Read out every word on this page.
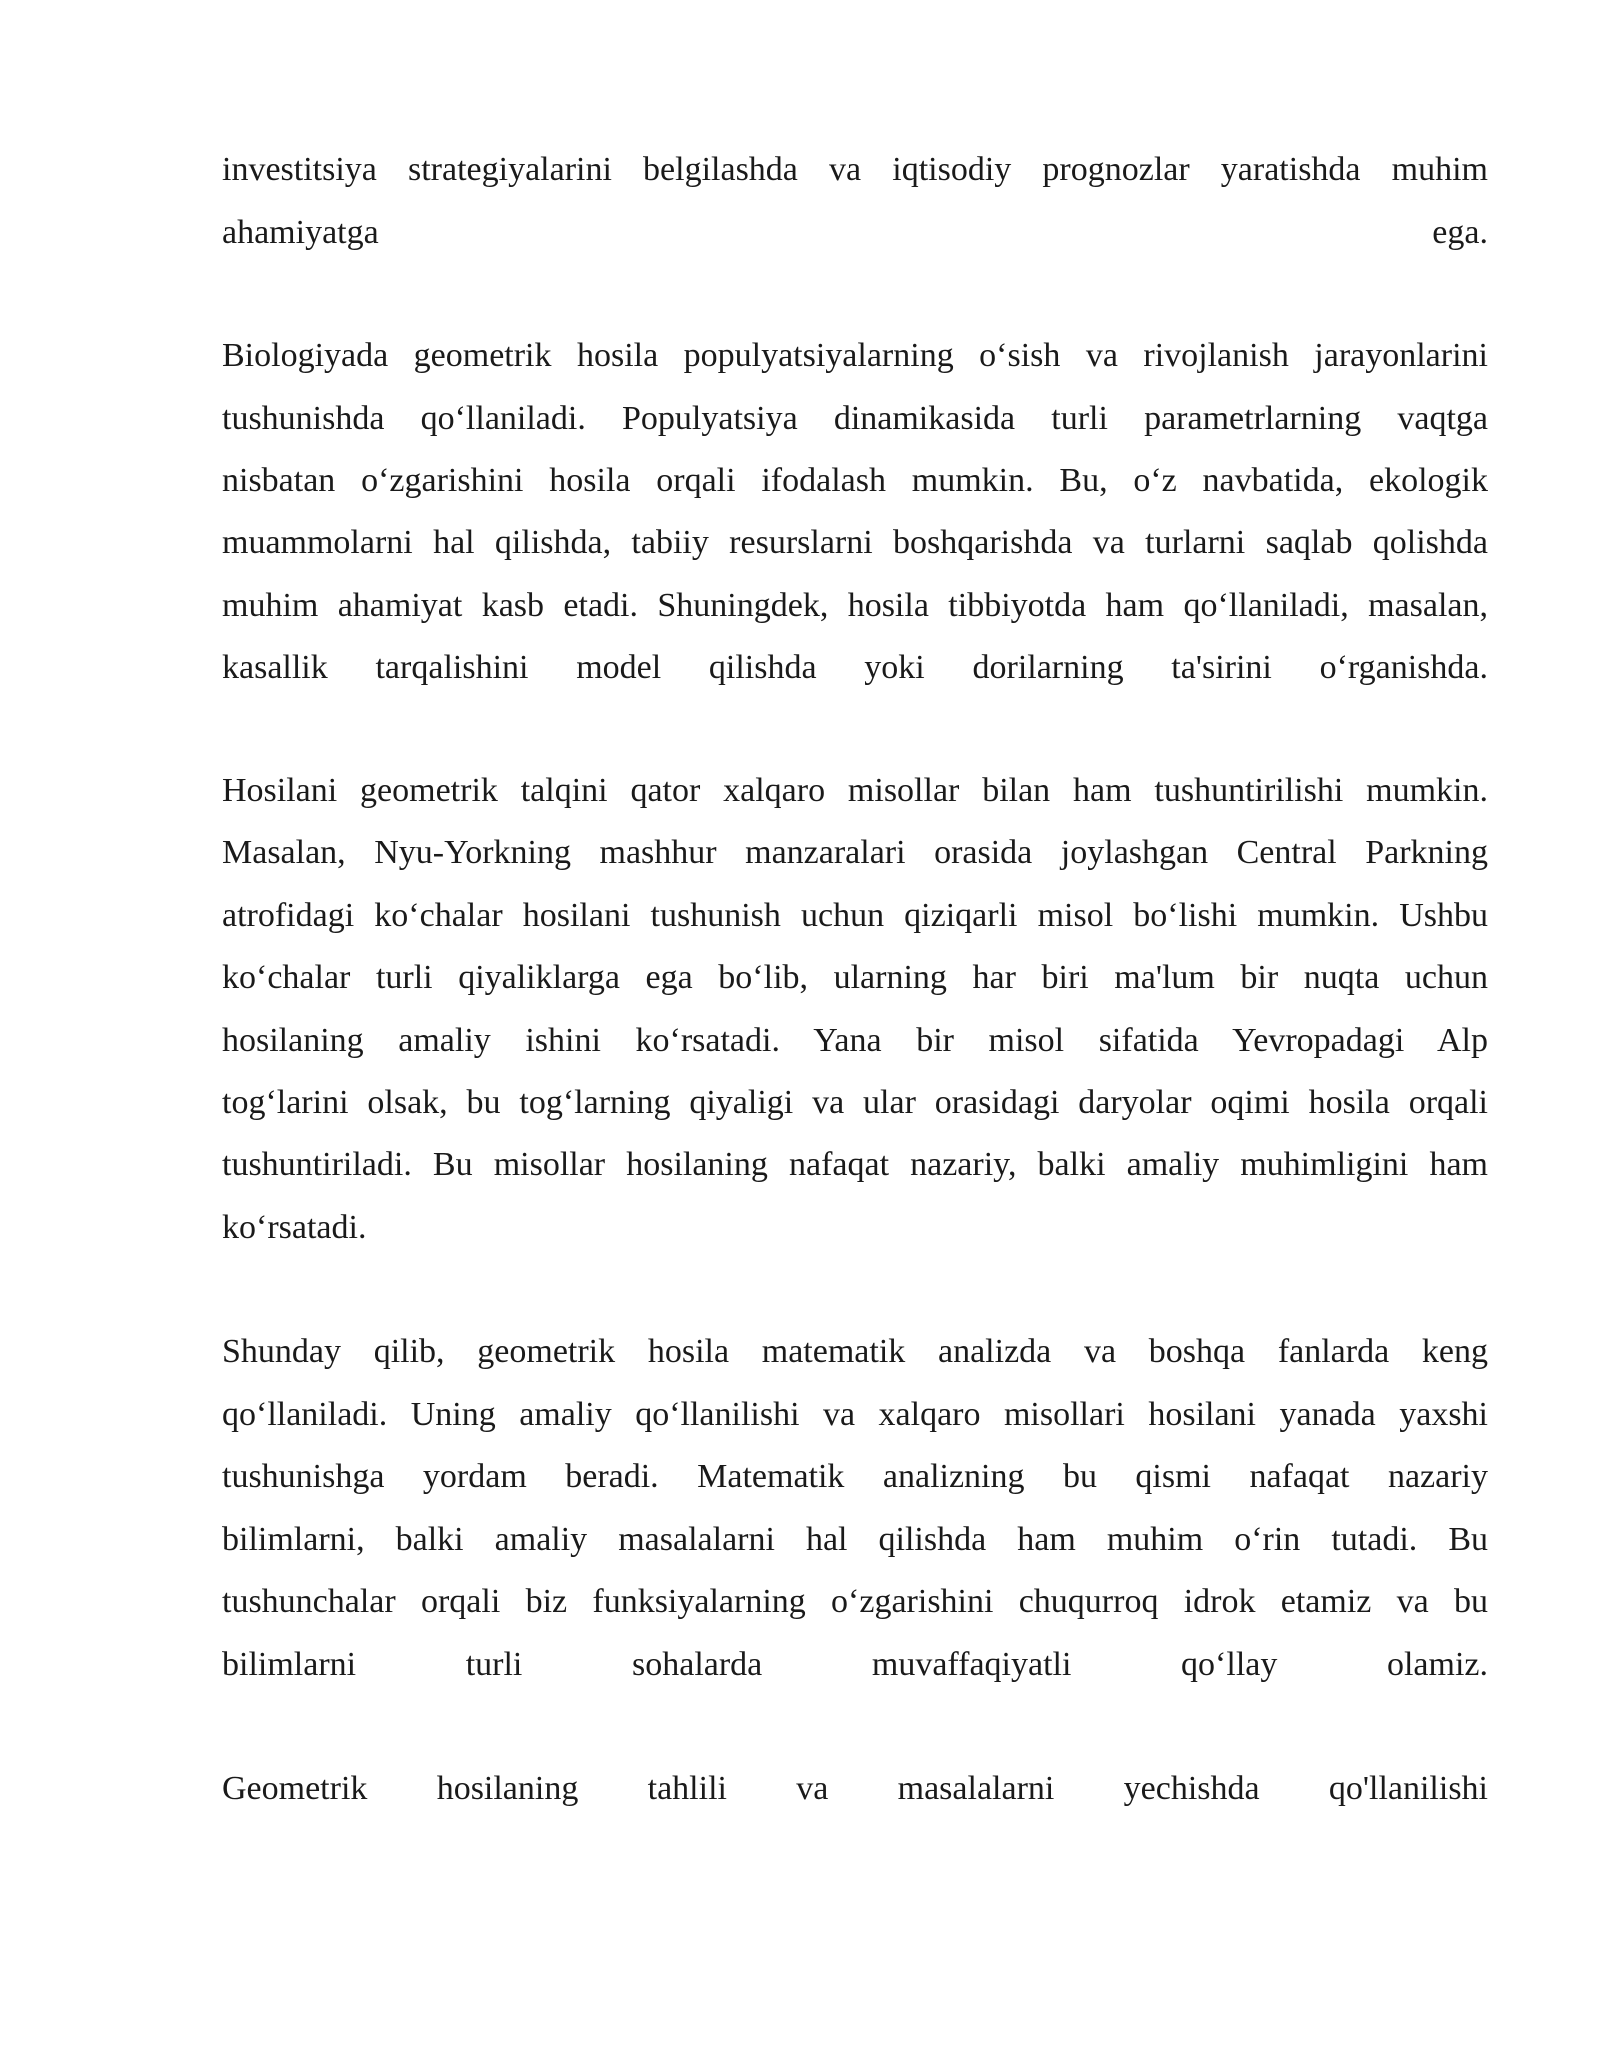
investitsiya strategiyalarini belgilashda va iqtisodiy prognozlar yaratishda muhim
ahamiyatga ega.
Biologiyada geometrik hosila populyatsiyalarning o‘sish va rivojlanish jarayonlarini
tushunishda qo‘llaniladi. Populyatsiya dinamikasida turli parametrlarning vaqtga
nisbatan o‘zgarishini hosila orqali ifodalash mumkin. Bu, o‘z navbatida, ekologik
muammolarni hal qilishda, tabiiy resurslarni boshqarishda va turlarni saqlab qolishda
muhim ahamiyat kasb etadi. Shuningdek, hosila tibbiyotda ham qo‘llaniladi, masalan,
kasallik tarqalishini model qilishda yoki dorilarning ta'sirini o‘rganishda.
Hosilani geometrik talqini qator xalqaro misollar bilan ham tushuntirilishi mumkin.
Masalan, Nyu-Yorkning mashhur manzaralari orasida joylashgan Central Parkning
atrofidagi ko‘chalar hosilani tushunish uchun qiziqarli misol bo‘lishi mumkin. Ushbu
ko‘chalar turli qiyaliklarga ega bo‘lib, ularning har biri ma'lum bir nuqta uchun
hosilaning amaliy ishini ko‘rsatadi. Yana bir misol sifatida Yevropadagi Alp
tog‘larini olsak, bu tog‘larning qiyaligi va ular orasidagi daryolar oqimi hosila orqali
tushuntiriladi. Bu misollar hosilaning nafaqat nazariy, balki amaliy muhimligini ham
ko‘rsatadi.
Shunday qilib, geometrik hosila matematik analizda va boshqa fanlarda keng
qo‘llaniladi. Uning amaliy qo‘llanilishi va xalqaro misollari hosilani yanada yaxshi
tushunishga yordam beradi. Matematik analizning bu qismi nafaqat nazariy
bilimlarni, balki amaliy masalalarni hal qilishda ham muhim o‘rin tutadi. Bu
tushunchalar orqali biz funksiyalarning o‘zgarishini chuqurroq idrok etamiz va bu
bilimlarni turli sohalarda muvaffaqiyatli qo‘llay olamiz.
Geometrik hosilaning tahlili va masalalarni yechishda qo'llanilishi
